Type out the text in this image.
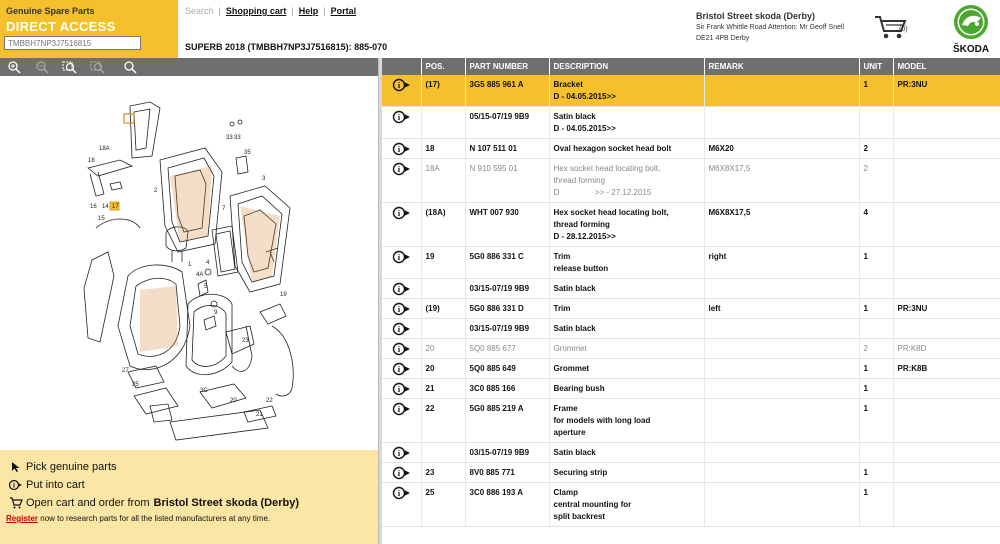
Genuine Spare Parts
DIRECT ACCESS
TMBBH7NP3J7516815
Search | Shopping cart | Help | Portal
SUPERB 2018 (TMBBH7NP3J7516815): 885-070
Bristol Street skoda (Derby)
Sir Frank Whittle Road Attention: Mr Geoff Snell
DE21 4PB Derby
(0)
ŠKODA
18A
18
16 14 17
15
33 33
35
3
2
7
1 4
4A
5
9
23
27
25
3C
20
21
22
19
Pick genuine parts
i Put into cart
Open cart and order from Bristol Street skoda (Derby)
Register now to research parts for all the listed manufacturers at any time.
	POS.	PART NUMBER	DESCRIPTION	REMARK	UNIT	MODEL

i	(17)	3G5 885 961 A	Bracket
D - 04.05.2015>>		1	PR:3NU

i		05/15-07/19 9B9	Satin black
D - 04.05.2015>>			

i	18	N 107 511 01	Oval hexagon socket head bolt	M6X20	2	

i	18A	N 910 595 01	Hex socket head locating bolt,
thread forming
D                >> - 27.12.2015	M6X8X17,5	2	

i	(18A)	WHT 007 930	Hex socket head locating bolt,
thread forming
D - 28.12.2015>>	M6X8X17,5	4	

i	19	5G0 886 331 C	Trim
release button	right	1	

i		03/15-07/19 9B9	Satin black			

i	(19)	5G0 886 331 D	Trim	left	1	PR:3NU

i		03/15-07/19 9B9	Satin black			

i	20	5Q0 885 677	Grommet		2	PR:K8D

i	20	5Q0 885 649	Grommet		1	PR:K8B

i	21	3C0 885 166	Bearing bush		1	

i	22	5G0 885 219 A	Frame
for models with long load
aperture		1	

i		03/15-07/19 9B9	Satin black			

i	23	8V0 885 771	Securing strip		1	

i	25	3C0 886 193 A	Clamp
central mounting for
split backrest		1	
